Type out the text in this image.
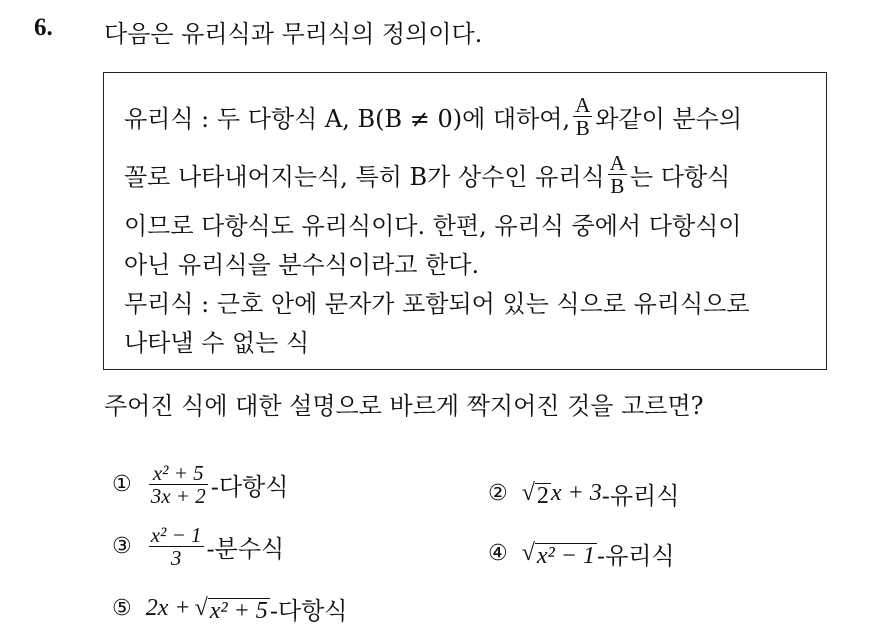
6. 다음은 유리식과 무리식의 정의이다.
유리식 : 두 다항식 A, B(B ≠ 0)에 대하여, $\frac{A}{B}$ 와같이 분수의
꼴로 나타내어지는식, 특히 B가 상수인 유리식 $\frac{A}{B}$ 는 다항식
이므로 다항식도 유리식이다. 한편, 유리식 중에서 다항식이
아닌 유리식을 분수식이라고 한다.
무리식 : 근호 안에 문자가 포함되어 있는 식으로 유리식으로
나타낼 수 없는 식
주어진 식에 대한 설명으로 바르게 짝지어진 것을 고르면?
① $\frac{\text{x² + 5}}{3x + 2}$ -다항식	② √ 2 x + 3 -유리식
③ $\frac{\text{x² − 1}}{3}$ -분수식	④ √ x² − 1 -유리식
⑤ 2x + √ x² + 5 -다항식
